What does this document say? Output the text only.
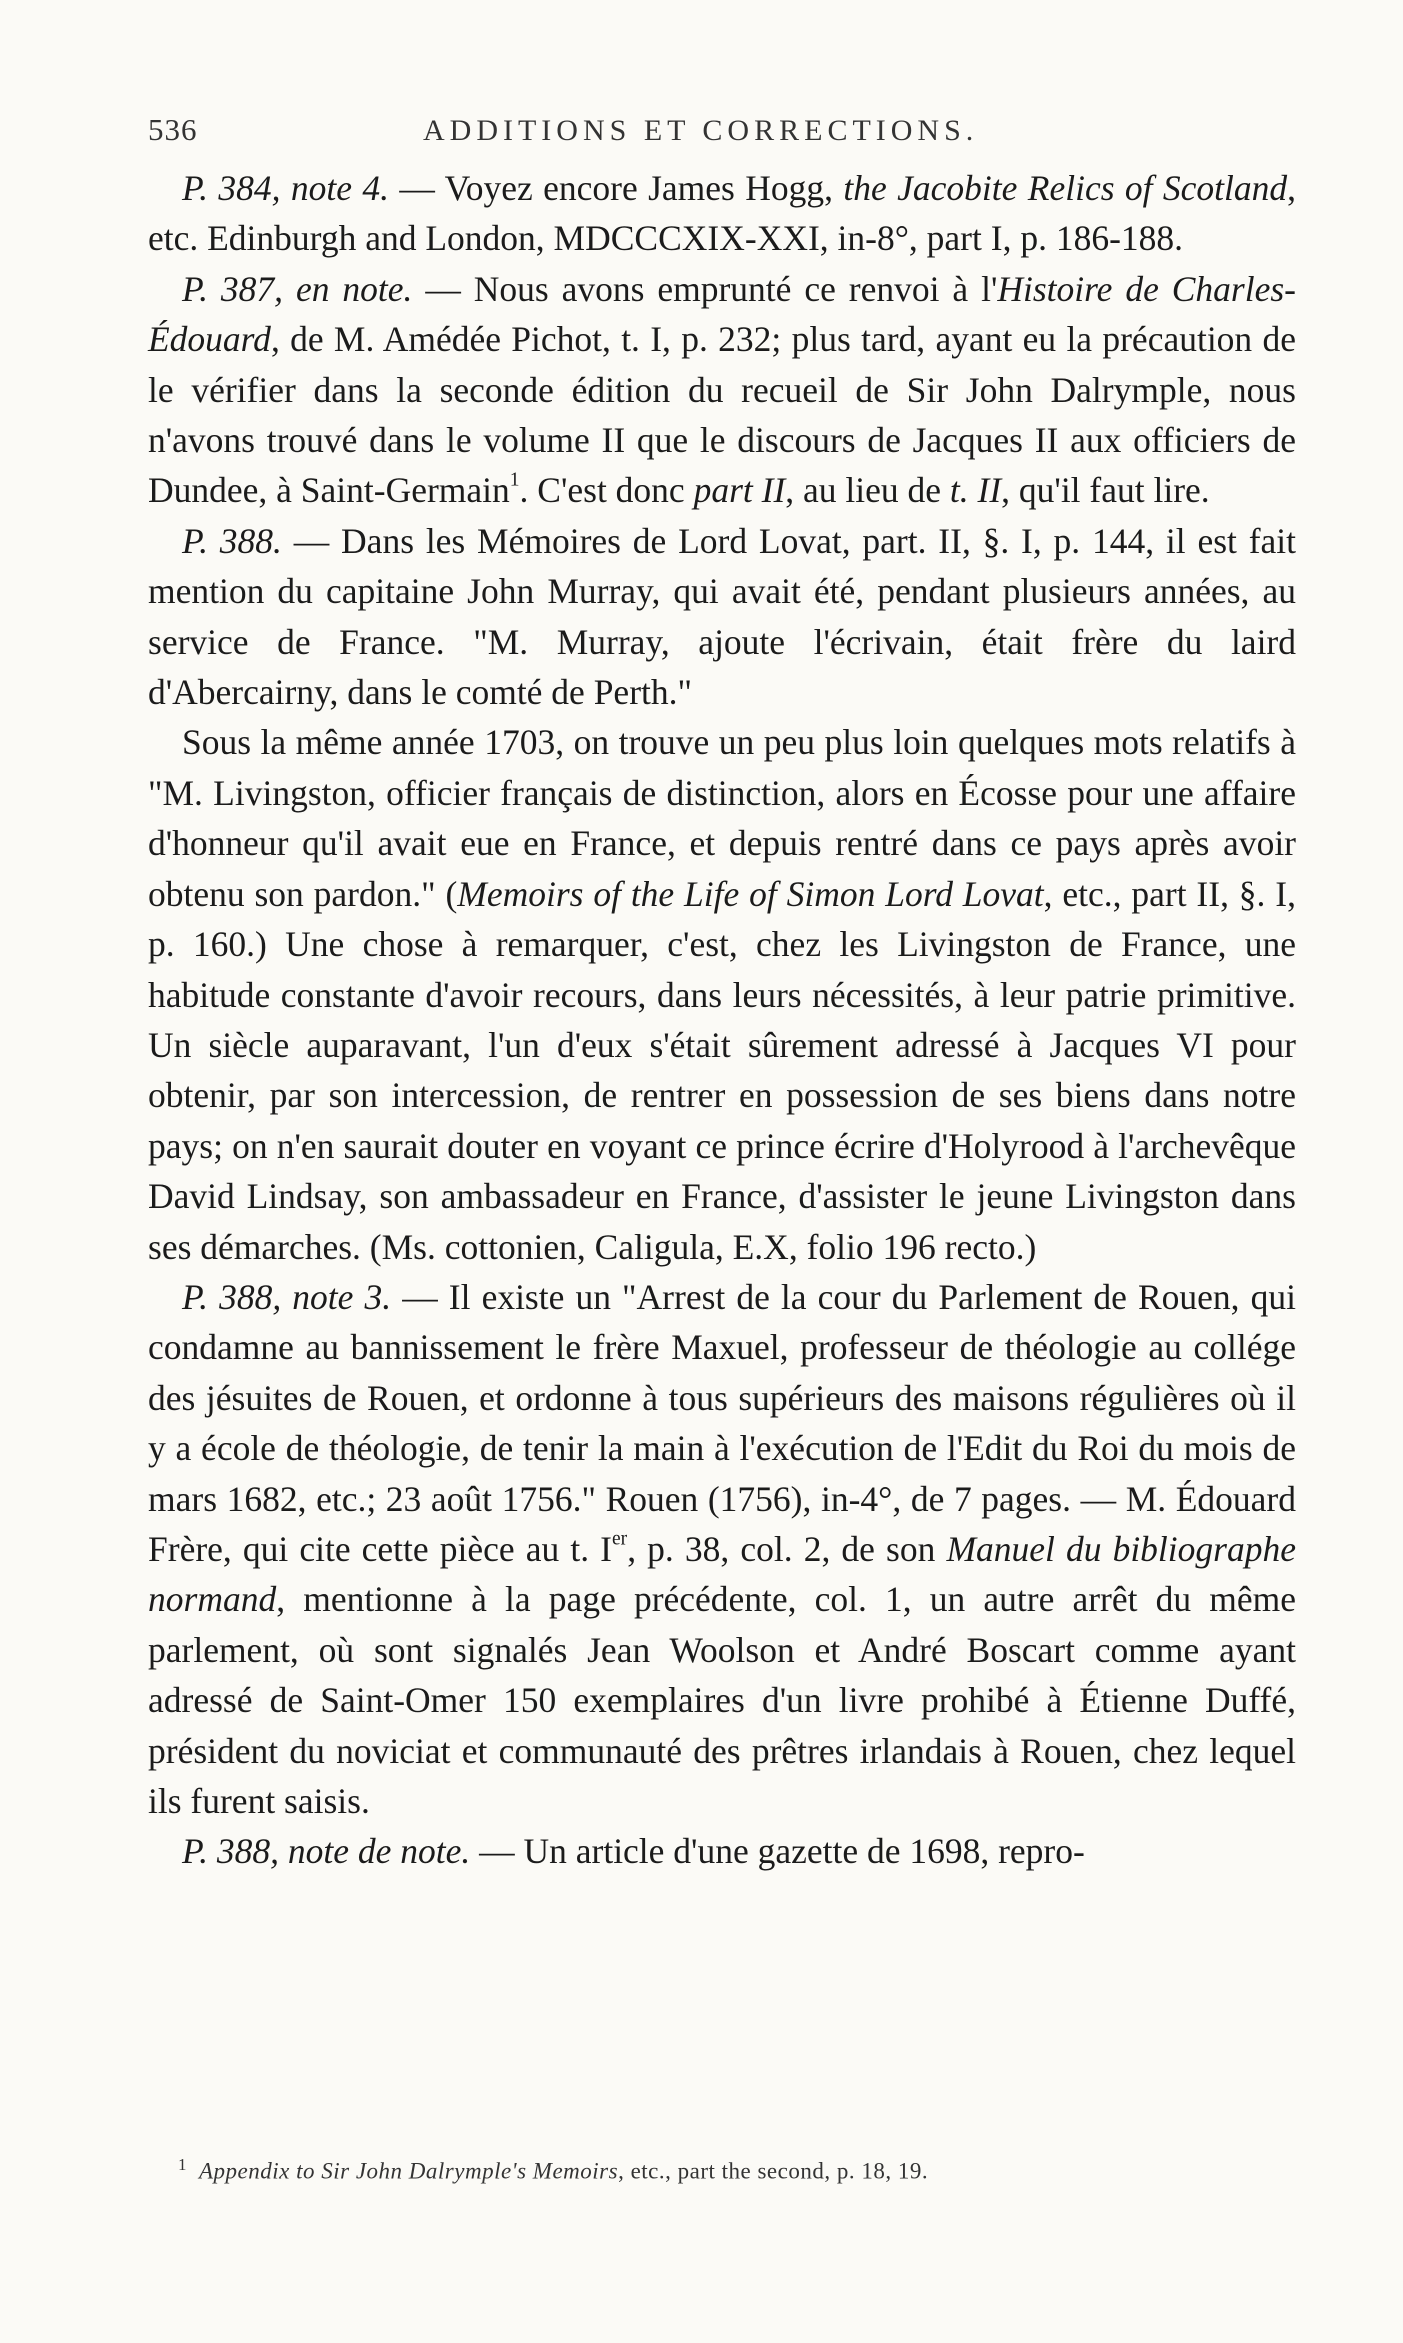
536	ADDITIONS ET CORRECTIONS.

P. 384, note 4. — Voyez encore James Hogg, the Jacobite Relics of Scotland, etc. Edinburgh and London, MDCCCXIX-XXI, in-8°, part I, p. 186-188.

P. 387, en note. — Nous avons emprunté ce renvoi à l'Histoire de Charles-Édouard, de M. Amédée Pichot, t. I, p. 232; plus tard, ayant eu la précaution de le vérifier dans la seconde édition du recueil de Sir John Dalrymple, nous n'avons trouvé dans le volume II que le discours de Jacques II aux officiers de Dundee, à Saint-Germain$^1$. C'est donc part II, au lieu de t. II, qu'il faut lire.

P. 388. — Dans les Mémoires de Lord Lovat, part. II, §. I, p. 144, il est fait mention du capitaine John Murray, qui avait été, pendant plusieurs années, au service de France. "M. Murray, ajoute l'écrivain, était frère du laird d'Abercairny, dans le comté de Perth."

Sous la même année 1703, on trouve un peu plus loin quelques mots relatifs à "M. Livingston, officier français de distinction, alors en Écosse pour une affaire d'honneur qu'il avait eue en France, et depuis rentré dans ce pays après avoir obtenu son pardon." (Memoirs of the Life of Simon Lord Lovat, etc., part II, §. I, p. 160.) Une chose à remarquer, c'est, chez les Livingston de France, une habitude constante d'avoir recours, dans leurs nécessités, à leur patrie primitive. Un siècle auparavant, l'un d'eux s'était sûrement adressé à Jacques VI pour obtenir, par son intercession, de rentrer en possession de ses biens dans notre pays; on n'en saurait douter en voyant ce prince écrire d'Holyrood à l'archevêque David Lindsay, son ambassadeur en France, d'assister le jeune Livingston dans ses démarches. (Ms. cottonien, Caligula, E.X, folio 196 recto.)

P. 388, note 3. — Il existe un "Arrest de la cour du Parlement de Rouen, qui condamne au bannissement le frère Maxuel, professeur de théologie au collége des jésuites de Rouen, et ordonne à tous supérieurs des maisons régulières où il y a école de théologie, de tenir la main à l'exécution de l'Edit du Roi du mois de mars 1682, etc.; 23 août 1756." Rouen (1756), in-4°, de 7 pages. — M. Édouard Frère, qui cite cette pièce au t. Ier, p. 38, col. 2, de son Manuel du bibliographe normand, mentionne à la page précédente, col. 1, un autre arrêt du même parlement, où sont signalés Jean Woolson et André Boscart comme ayant adressé de Saint-Omer 150 exemplaires d'un livre prohibé à Étienne Duffé, président du noviciat et communauté des prêtres irlandais à Rouen, chez lequel ils furent saisis.

P. 388, note de note. — Un article d'une gazette de 1698, repro-

$^1$ Appendix to Sir John Dalrymple's Memoirs, etc., part the second, p. 18, 19.
